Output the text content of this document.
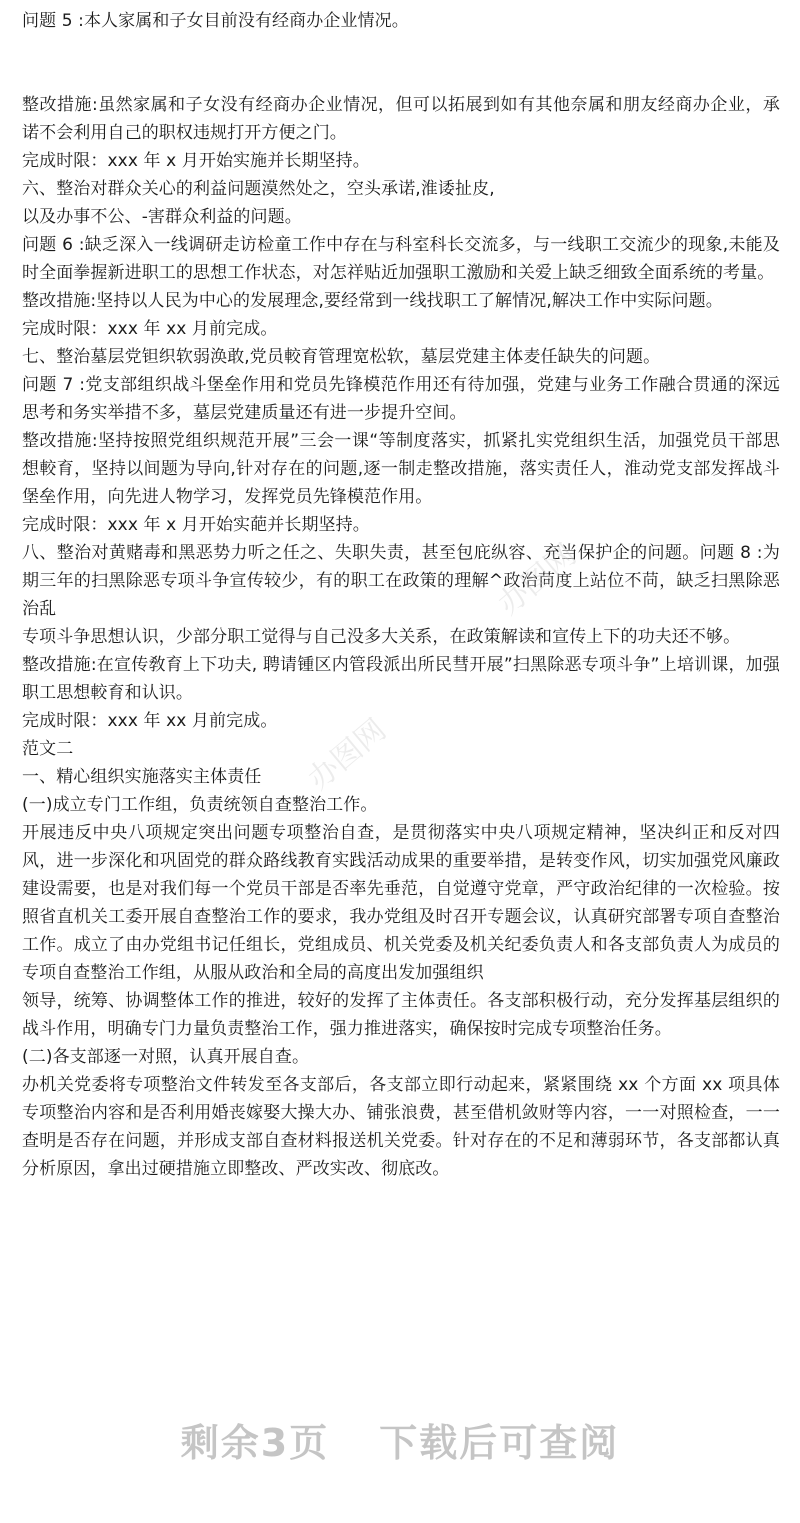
问题 5 :本人家属和子女目前没有经商办企业情况。

整改措施:虽然家属和子女没有经商办企业情况，但可以拓展到如有其他奈属和朋友经商办企业，承诺不会利用自己的职权违规打开方便之门。

完成时限：xxx 年 x 月开始实施并长期坚持。

六、整治对群众关心的利益问题漠然处之，空头承诺,淮诿扯皮,

以及办事不公、-害群众利益的问题。

问题 6 :缺乏深入一线调研走访检童工作中存在与科室科长交流多，与一线职工交流少的现象,未能及时全面拳握新进职工的思想工作状态，对怎祥贴近加强职工激励和关爱上缺乏细致全面系统的考量。

整改措施:坚持以人民为中心的发展理念,要经常到一线找职工了解情况,解决工作中实际问题。

完成时限：xxx 年 xx 月前完成。

七、整治墓层党钽织软弱涣敢,党员較育管理宽松软，墓层党建主体麦任缺失的问题。

问题 7 :党支部组织战斗堡垒作用和党员先锋模范作用还有待加强，党建与业务工作融合贯通的深远思考和务实举措不多，墓层党建质量还有进一步提升空间。

整改措施:坚持按照党组织规范开展”三会一课“等制度落实，抓紧扎实党组织生活，加强党员干部思想較育，坚持以间题为导向,针对存在的问题,逐一制走整改措施，落实责任人，淮动党支部发挥战斗堡垒作用，向先进人物学习，发挥党员先锋模范作用。

完成时限：xxx 年 x 月开始实葩并长期坚持。

八、整治对黄赌毒和黑恶势力听之任之、失职失责，甚至包庇纵容、充当保护企的问题。问题 8 :为期三年的扫黑除恶专项斗争宣传较少，有的职工在政策的理解^政治苘度上站位不苘，缺乏扫黑除恶治乱

专项斗争思想认识，少部分职工觉得与自己没多大关系，在政策解读和宣传上下的功夫还不够。

整改措施:在宣传敎育上下功夫, 聘请锺区内管段派出所民彗开展”扫黑除恶专项斗争”上培训课，加强职工思想較育和认识。

完成时限：xxx 年 xx 月前完成。

范文二

一、精心组织实施落实主体责任

(一)成立专门工作组，负责统领自查整治工作。

开展违反中央八项规定突出问题专项整治自查，是贯彻落实中央八项规定精神，坚决纠正和反对四风，进一步深化和巩固党的群众路线教育实践活动成果的重要举措，是转变作风，切实加强党风廉政建设需要，也是对我们每一个党员干部是否率先垂范，自觉遵守党章，严守政治纪律的一次检验。按照省直机关工委开展自查整治工作的要求，我办党组及时召开专题会议，认真研究部署专项自查整治工作。成立了由办党组书记任组长，党组成员、机关党委及机关纪委负责人和各支部负责人为成员的专项自查整治工作组，从服从政治和全局的高度出发加强组织

领导，统筹、协调整体工作的推进，较好的发挥了主体责任。各支部积极行动，充分发挥基层组织的战斗作用，明确专门力量负责整治工作，强力推进落实，确保按时完成专项整治任务。

(二)各支部逐一对照，认真开展自查。

办机关党委将专项整治文件转发至各支部后，各支部立即行动起来，紧紧围绕 xx 个方面 xx 项具体专项整治内容和是否利用婚丧嫁娶大操大办、铺张浪费，甚至借机敛财等内容，一一对照检查，一一查明是否存在问题，并形成支部自查材料报送机关党委。针对存在的不足和薄弱环节，各支部都认真分析原因，拿出过硬措施立即整改、严改实改、彻底改。

办图网
办图网
剩余3页 下载后可查阅
